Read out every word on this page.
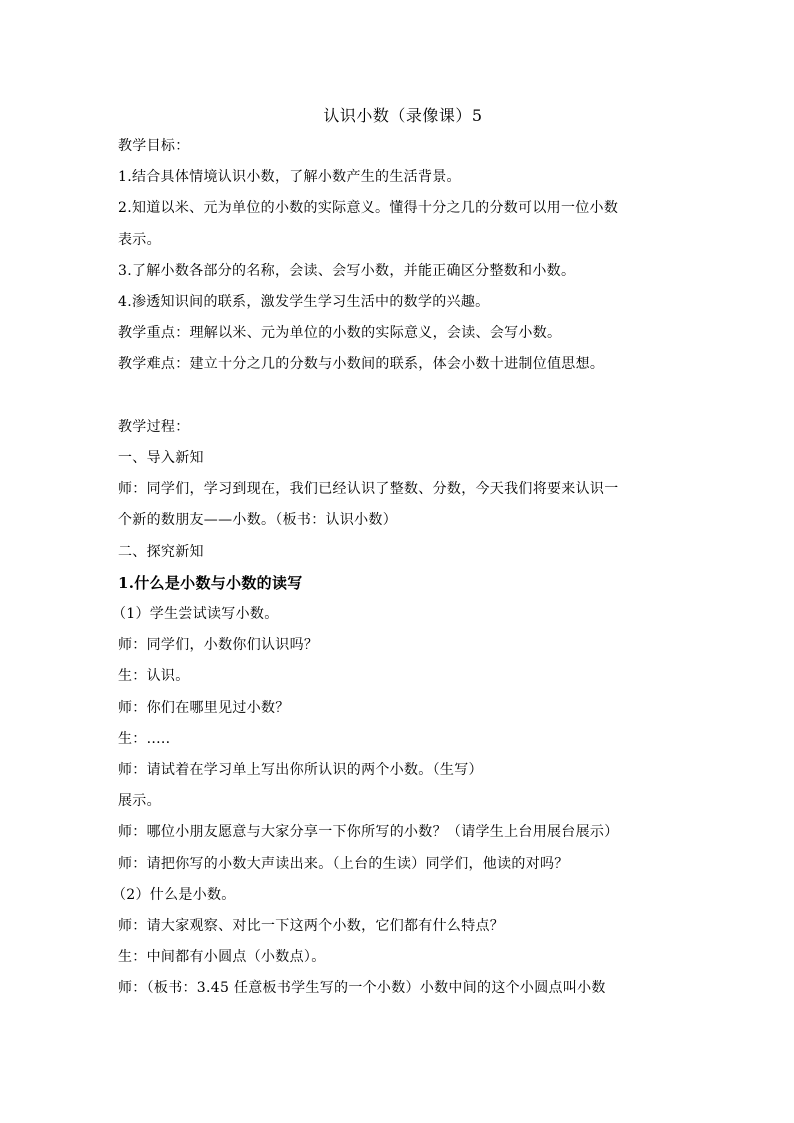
认识小数（录像课）5

教学目标：

1.结合具体情境认识小数，了解小数产生的生活背景。

2.知道以米、元为单位的小数的实际意义。懂得十分之几的分数可以用一位小数

表示。

3.了解小数各部分的名称，会读、会写小数，并能正确区分整数和小数。

4.渗透知识间的联系，激发学生学习生活中的数学的兴趣。

教学重点：理解以米、元为单位的小数的实际意义，会读、会写小数。

教学难点：建立十分之几的分数与小数间的联系，体会小数十进制位值思想。

教学过程：

一、导入新知

师：同学们，学习到现在，我们已经认识了整数、分数，今天我们将要来认识一

个新的数朋友——小数。（板书：认识小数）

二、探究新知

1.什么是小数与小数的读写

（1）学生尝试读写小数。

师：同学们，小数你们认识吗？

生：认识。

师：你们在哪里见过小数？

生：.....

师：请试着在学习单上写出你所认识的两个小数。（生写）

展示。

师：哪位小朋友愿意与大家分享一下你所写的小数？（请学生上台用展台展示）

师：请把你写的小数大声读出来。（上台的生读）同学们，他读的对吗？

（2）什么是小数。

师：请大家观察、对比一下这两个小数，它们都有什么特点？

生：中间都有小圆点（小数点）。

师：（板书：3.45 任意板书学生写的一个小数）小数中间的这个小圆点叫小数
